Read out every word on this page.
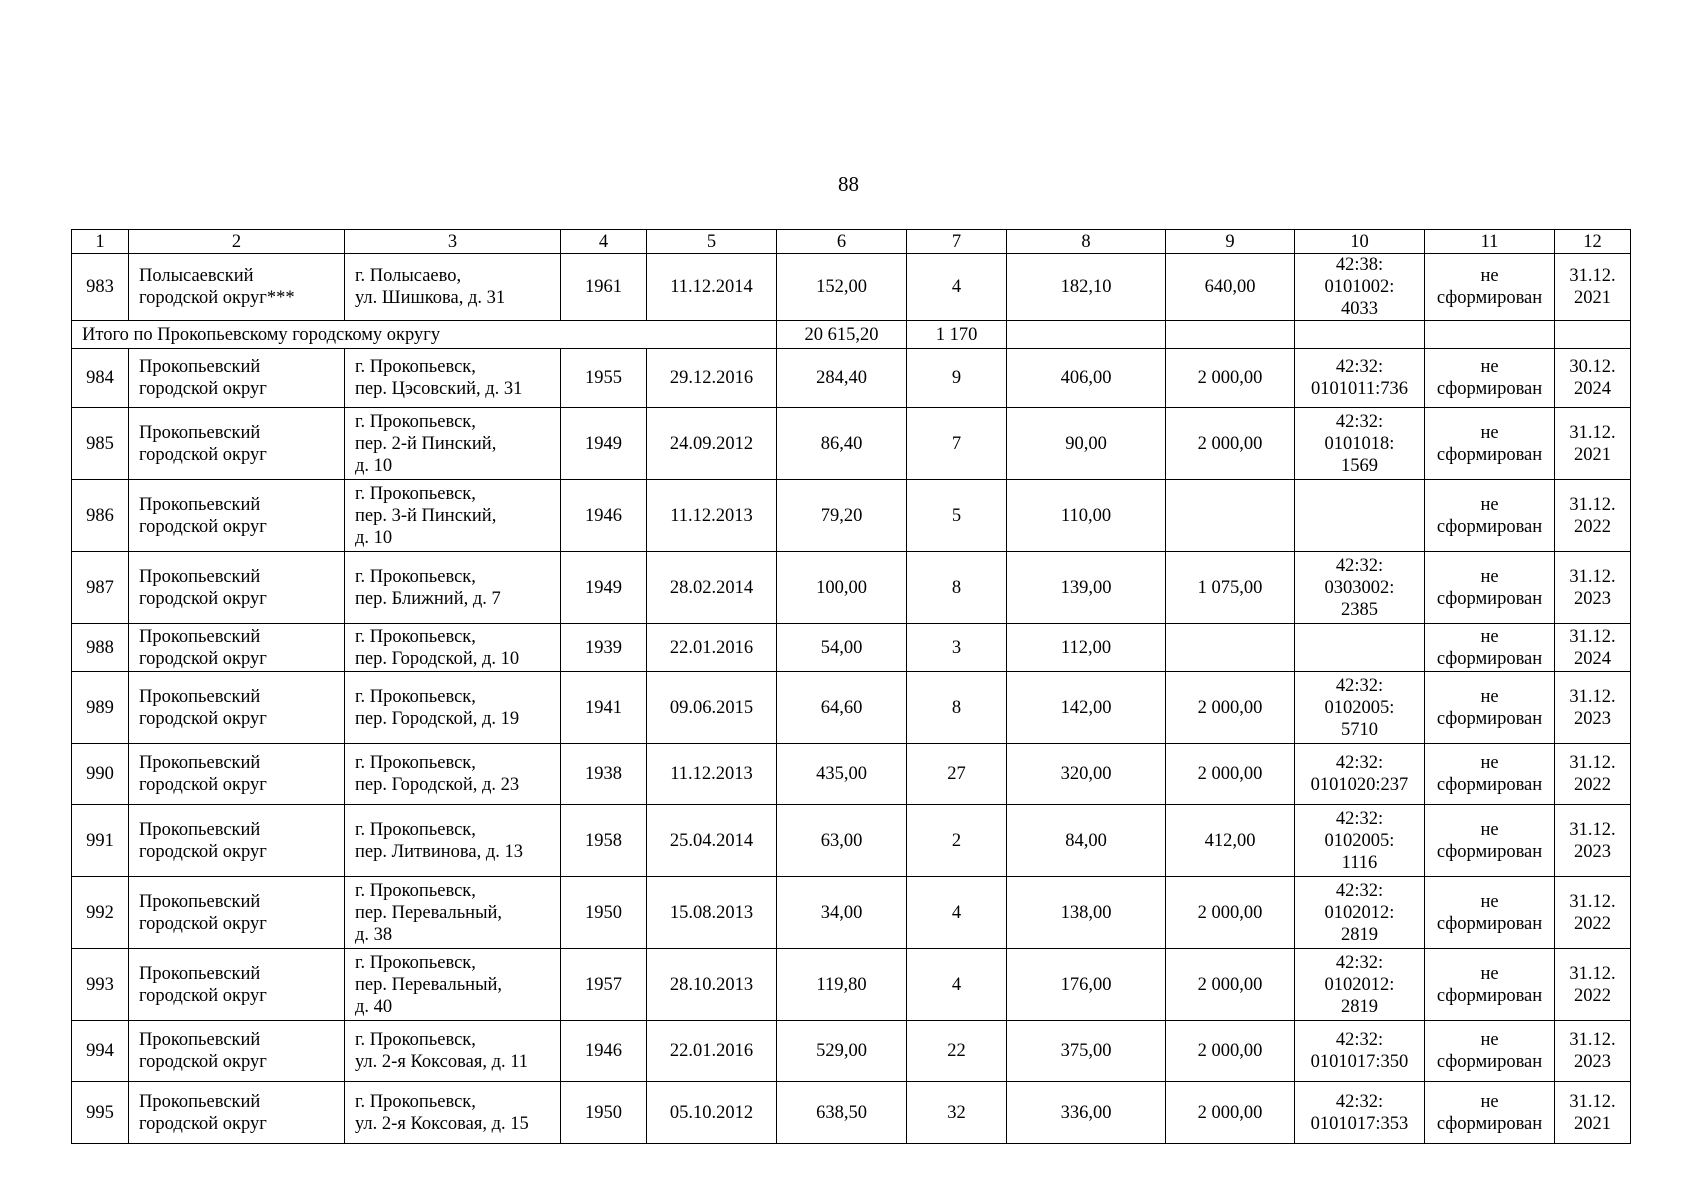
88
1	2	3	4	5	6	7	8	9	10	11	12
983	Полысаевский
городской округ***	г. Полысаево,
ул. Шишкова, д. 31	1961	11.12.2014	152,00	4	182,10	640,00	42:38:
0101002:
4033	не
сформирован	31.12.
2021

Итого по Прокопьевскому городскому округу					20 615,20	1 170					
984	Прокопьевский
городской округ	г. Прокопьевск,
пер. Цэсовский, д. 31	1955	29.12.2016	284,40	9	406,00	2 000,00	42:32:
0101011:736	не
сформирован	30.12.
2024

985	Прокопьевский
городской округ	г. Прокопьевск,
пер. 2-й Пинский,
д. 10	1949	24.09.2012	86,40	7	90,00	2 000,00	42:32:
0101018:
1569	не
сформирован	31.12.
2021

986	Прокопьевский
городской округ	г. Прокопьевск,
пер. 3-й Пинский,
д. 10	1946	11.12.2013	79,20	5	110,00			не
сформирован	31.12.
2022

987	Прокопьевский
городской округ	г. Прокопьевск,
пер. Ближний, д. 7	1949	28.02.2014	100,00	8	139,00	1 075,00	42:32:
0303002:
2385	не
сформирован	31.12.
2023

988	Прокопьевский
городской округ	г. Прокопьевск,
пер. Городской, д. 10	1939	22.01.2016	54,00	3	112,00			не
сформирован	31.12.
2024

989	Прокопьевский
городской округ	г. Прокопьевск,
пер. Городской, д. 19	1941	09.06.2015	64,60	8	142,00	2 000,00	42:32:
0102005:
5710	не
сформирован	31.12.
2023

990	Прокопьевский
городской округ	г. Прокопьевск,
пер. Городской, д. 23	1938	11.12.2013	435,00	27	320,00	2 000,00	42:32:
0101020:237	не
сформирован	31.12.
2022

991	Прокопьевский
городской округ	г. Прокопьевск,
пер. Литвинова, д. 13	1958	25.04.2014	63,00	2	84,00	412,00	42:32:
0102005:
1116	не
сформирован	31.12.
2023

992	Прокопьевский
городской округ	г. Прокопьевск,
пер. Перевальный,
д. 38	1950	15.08.2013	34,00	4	138,00	2 000,00	42:32:
0102012:
2819	не
сформирован	31.12.
2022

993	Прокопьевский
городской округ	г. Прокопьевск,
пер. Перевальный,
д. 40	1957	28.10.2013	119,80	4	176,00	2 000,00	42:32:
0102012:
2819	не
сформирован	31.12.
2022

994	Прокопьевский
городской округ	г. Прокопьевск,
ул. 2-я Коксовая, д. 11	1946	22.01.2016	529,00	22	375,00	2 000,00	42:32:
0101017:350	не
сформирован	31.12.
2023

995	Прокопьевский
городской округ	г. Прокопьевск,
ул. 2-я Коксовая, д. 15	1950	05.10.2012	638,50	32	336,00	2 000,00	42:32:
0101017:353	не
сформирован	31.12.
2021
